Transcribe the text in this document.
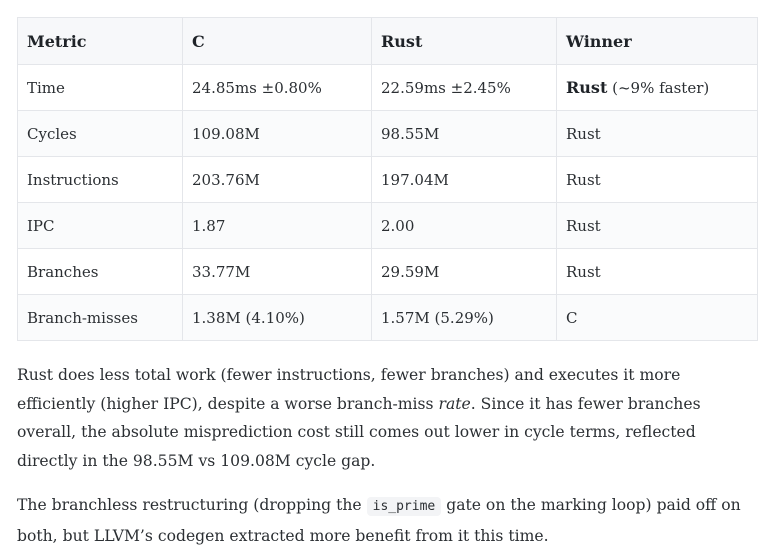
Metric	C	Rust	Winner
Time	24.85ms ±0.80%	22.59ms ±2.45%	Rust (~9% faster)
Cycles	109.08M	98.55M	Rust
Instructions	203.76M	197.04M	Rust
IPC	1.87	2.00	Rust
Branches	33.77M	29.59M	Rust
Branch-misses	1.38M (4.10%)	1.57M (5.29%)	C

Rust does less total work (fewer instructions, fewer branches) and executes it more efficiently (higher IPC), despite a worse branch-miss rate. Since it has fewer branches overall, the absolute misprediction cost still comes out lower in cycle terms, reflected directly in the 98.55M vs 109.08M cycle gap.

The branchless restructuring (dropping the is_prime gate on the marking loop) paid off on both, but LLVM’s codegen extracted more benefit from it this time.
